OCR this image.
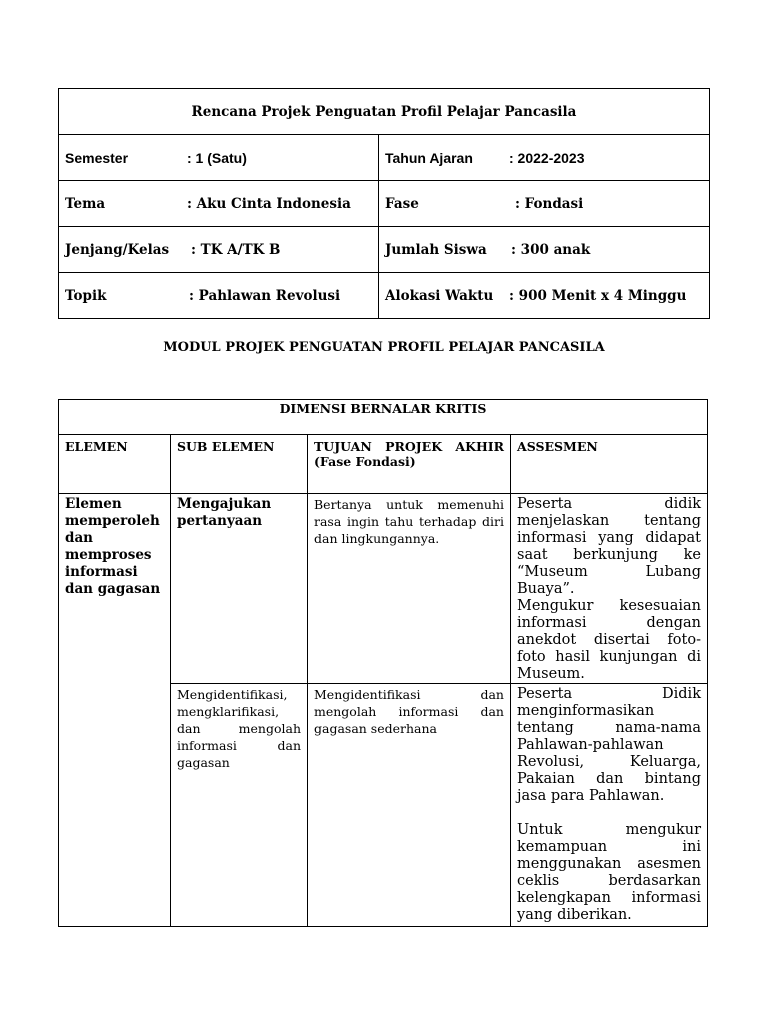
Rencana Projek Penguatan Profil Pelajar Pancasila	
Semester : 1 (Satu)	Tahun Ajaran : 2022-2023
Tema : Aku Cinta Indonesia	Fase : Fondasi
Jenjang/Kelas : TK A/TK B	Jumlah Siswa : 300 anak
Topik : Pahlawan Revolusi	Alokasi Waktu : 900 Menit x 4 Minggu
MODUL PROJEK PENGUATAN PROFIL PELAJAR PANCASILA
DIMENSI BERNALAR KRITIS			
ELEMEN	SUB ELEMEN	TUJUAN PROJEK AKHIR (Fase Fondasi)	ASSESMEN
Elemen memperoleh dan memproses informasi dan gagasan	Mengajukan pertanyaan	Bertanya untuk memenuhi rasa ingin tahu terhadap diri dan lingkungannya.	Peserta didik menjelaskan tentang informasi yang didapat saat berkunjung ke “Museum Lubang Buaya”.
Mengukur kesesuaian informasi dengan anekdot disertai foto-foto hasil kunjungan di Museum.

	Mengidentifikasi, mengklarifikasi, dan mengolah informasi dan gagasan	Mengidentifikasi dan mengolah informasi dan gagasan sederhana	Peserta Didik menginformasikan tentang nama-nama Pahlawan-pahlawan Revolusi, Keluarga, Pakaian dan bintang jasa para Pahlawan.
Untuk mengukur kemampuan ini menggunakan asesmen ceklis berdasarkan kelengkapan informasi yang diberikan.
